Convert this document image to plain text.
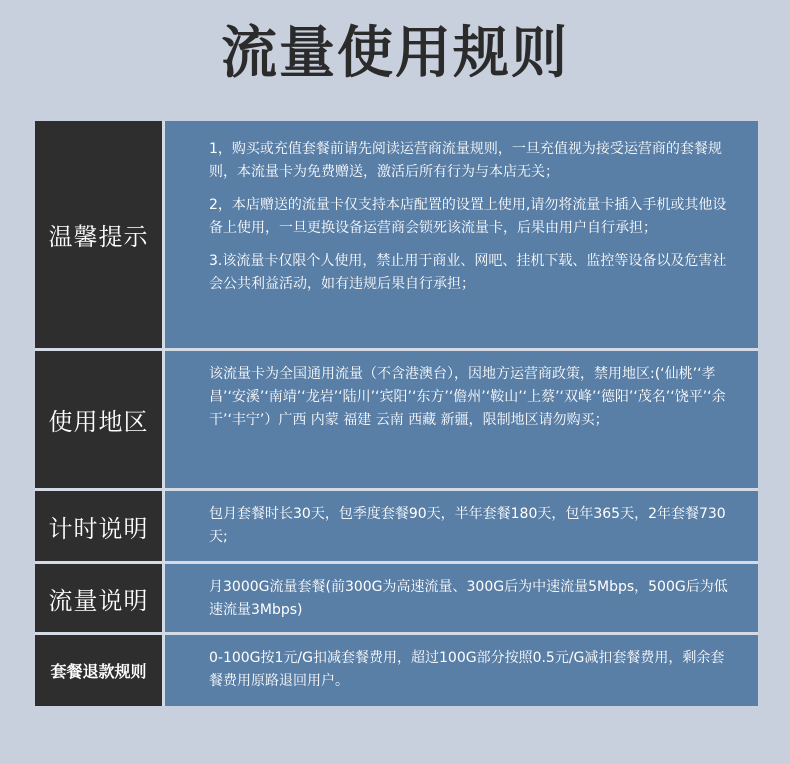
流量使用规则
温馨提示

1，购买或充值套餐前请先阅读运营商流量规则，一旦充值视为接受运营商的套餐规则，本流量卡为免费赠送，激活后所有行为与本店无关；

2，本店赠送的流量卡仅支持本店配置的设置上使用,请勿将流量卡插入手机或其他设备上使用，一旦更换设备运营商会锁死该流量卡，后果由用户自行承担；

3.该流量卡仅限个人使用，禁止用于商业、网吧、挂机下载、监控等设备以及危害社会公共利益活动，如有违规后果自行承担；

使用地区

该流量卡为全国通用流量（不含港澳台），因地方运营商政策，禁用地区:(‘仙桃’‘孝昌’‘安溪’‘南靖’‘龙岩’‘陆川’‘宾阳’‘东方’‘儋州’‘鞍山’‘上蔡’‘双峰’‘德阳’‘茂名’‘饶平’‘余干’‘丰宁’）广西 内蒙 福建 云南 西藏 新疆，限制地区请勿购买；

计时说明

包月套餐时长30天，包季度套餐90天，半年套餐180天，包年365天，2年套餐730天;

流量说明	月3000G流量套餐(前300G为高速流量、300G后为中速流量5Mbps，500G后为低速流量3Mbps)

套餐退款规则

0-100G按1元/G扣减套餐费用，超过100G部分按照0.5元/G减扣套餐费用，剩余套餐费用原路退回用户。
